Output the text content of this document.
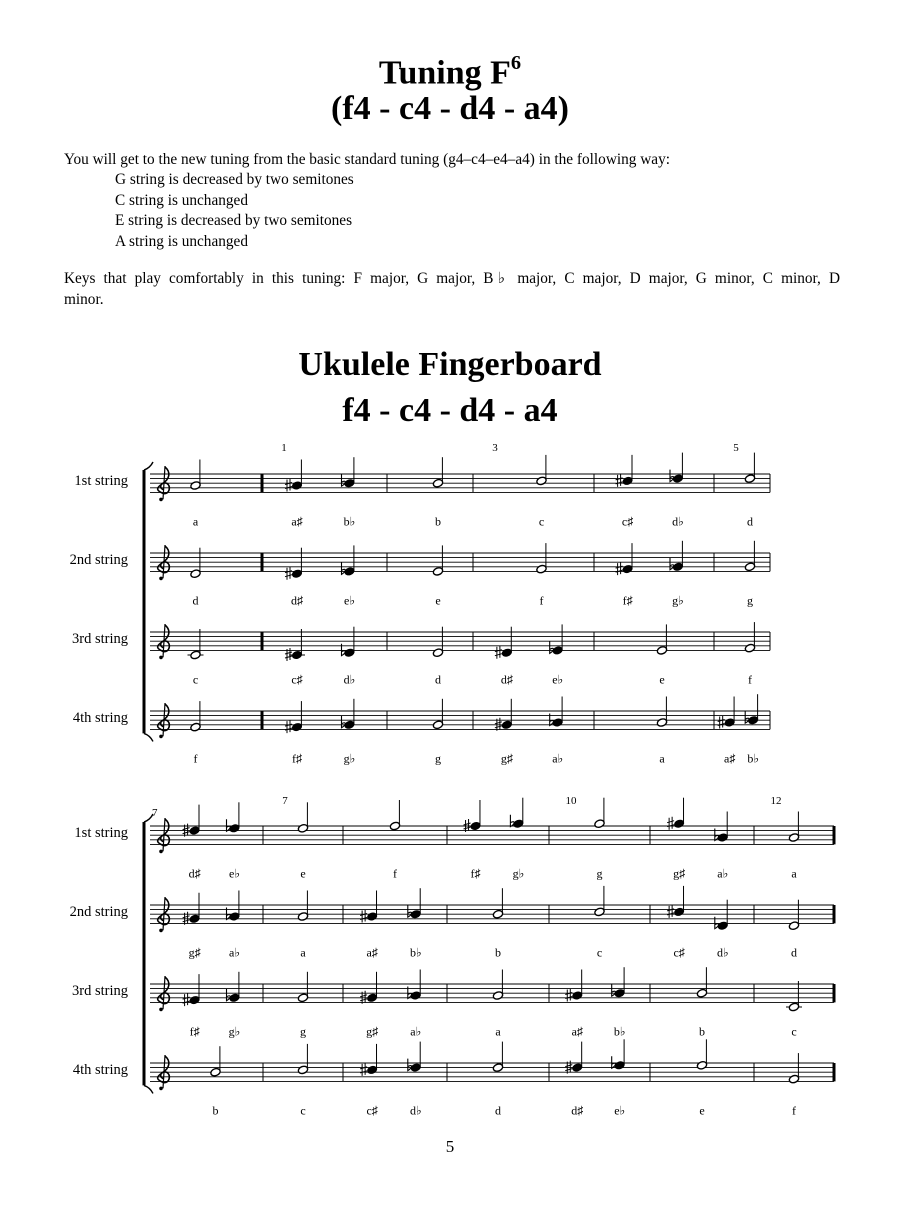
Tuning $F^6$
(f4 - c4 - d4 - a4)
You will get to the new tuning from the basic standard tuning (g4–c4–e4–a4) in the following way:
G string is decreased by two semitones
C string is unchanged
E string is decreased by two semitones
A string is unchanged
Keys that play comfortably in this tuning: F major, G major, B♭ major, C major, D major, G minor, C minor, D
minor.
Ukulele Fingerboard
f4 - c4 - d4 - a4
1st string
a	a♯	b♭	b	c	c♯	d♭	d
2nd string
d	d♯	e♭	e	f	f♯	g♭	g
3rd string
c	c♯	d♭	d	d♯	e♭	e	f
4th string
f	f♯	g♭	g	g♯	a♭	a	a♯ b♭
1	3	5
1st string
d♯ e♭	e	f	f♯	g♭	g	g♯	a♭	a
2nd string
g♯ a♭	a	a♯	b♭	b	c	c♯	d♭	d
3rd string
f♯ g♭	g	g♯	a♭	a	a♯	b♭	b	c
4th string
b	c	c♯	d♭	d	d♯	e♭	e	f
7
7	10	12
5
